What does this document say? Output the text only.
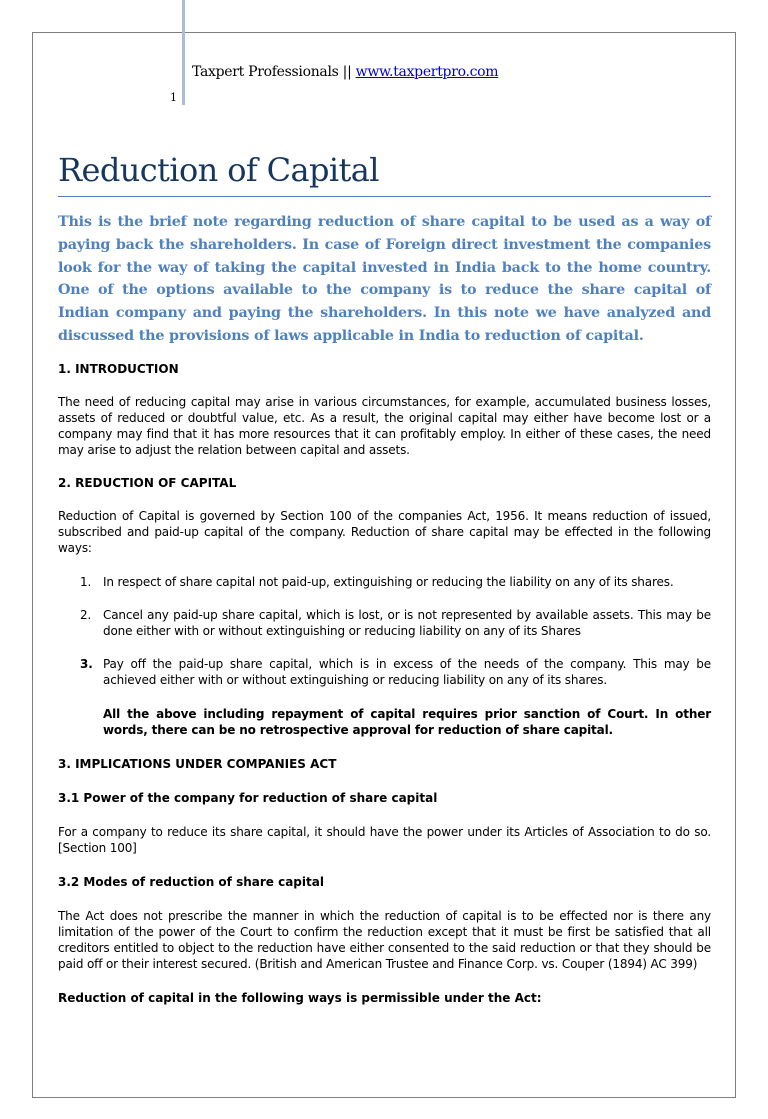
Taxpert Professionals || www.taxpertpro.com
1
Reduction of Capital
This is the brief note regarding reduction of share capital to be used as a way of paying back the shareholders. In case of Foreign direct investment the companies look for the way of taking the capital invested in India back to the home country. One of the options available to the company is to reduce the share capital of Indian company and paying the shareholders. In this note we have analyzed and discussed the provisions of laws applicable in India to reduction of capital.
1. INTRODUCTION

The need of reducing capital may arise in various circumstances, for example, accumulated business losses, assets of reduced or doubtful value, etc. As a result, the original capital may either have become lost or a company may find that it has more resources that it can profitably employ. In either of these cases, the need may arise to adjust the relation between capital and assets.

2. REDUCTION OF CAPITAL

Reduction of Capital is governed by Section 100 of the companies Act, 1956. It means reduction of issued, subscribed and paid-up capital of the company. Reduction of share capital may be effected in the following ways:

1. In respect of share capital not paid-up, extinguishing or reducing the liability on any of its shares.
2. Cancel any paid-up share capital, which is lost, or is not represented by available assets. This may be done either with or without extinguishing or reducing liability on any of its Shares
3. Pay off the paid-up share capital, which is in excess of the needs of the company. This may be achieved either with or without extinguishing or reducing liability on any of its shares.
All the above including repayment of capital requires prior sanction of Court. In other words, there can be no retrospective approval for reduction of share capital.
3. IMPLICATIONS UNDER COMPANIES ACT
3.1 Power of the company for reduction of share capital

For a company to reduce its share capital, it should have the power under its Articles of Association to do so. [Section 100]

3.2 Modes of reduction of share capital

The Act does not prescribe the manner in which the reduction of capital is to be effected nor is there any limitation of the power of the Court to confirm the reduction except that it must be first be satisfied that all creditors entitled to object to the reduction have either consented to the said reduction or that they should be paid off or their interest secured. (British and American Trustee and Finance Corp. vs. Couper (1894) AC 399)

Reduction of capital in the following ways is permissible under the Act:
